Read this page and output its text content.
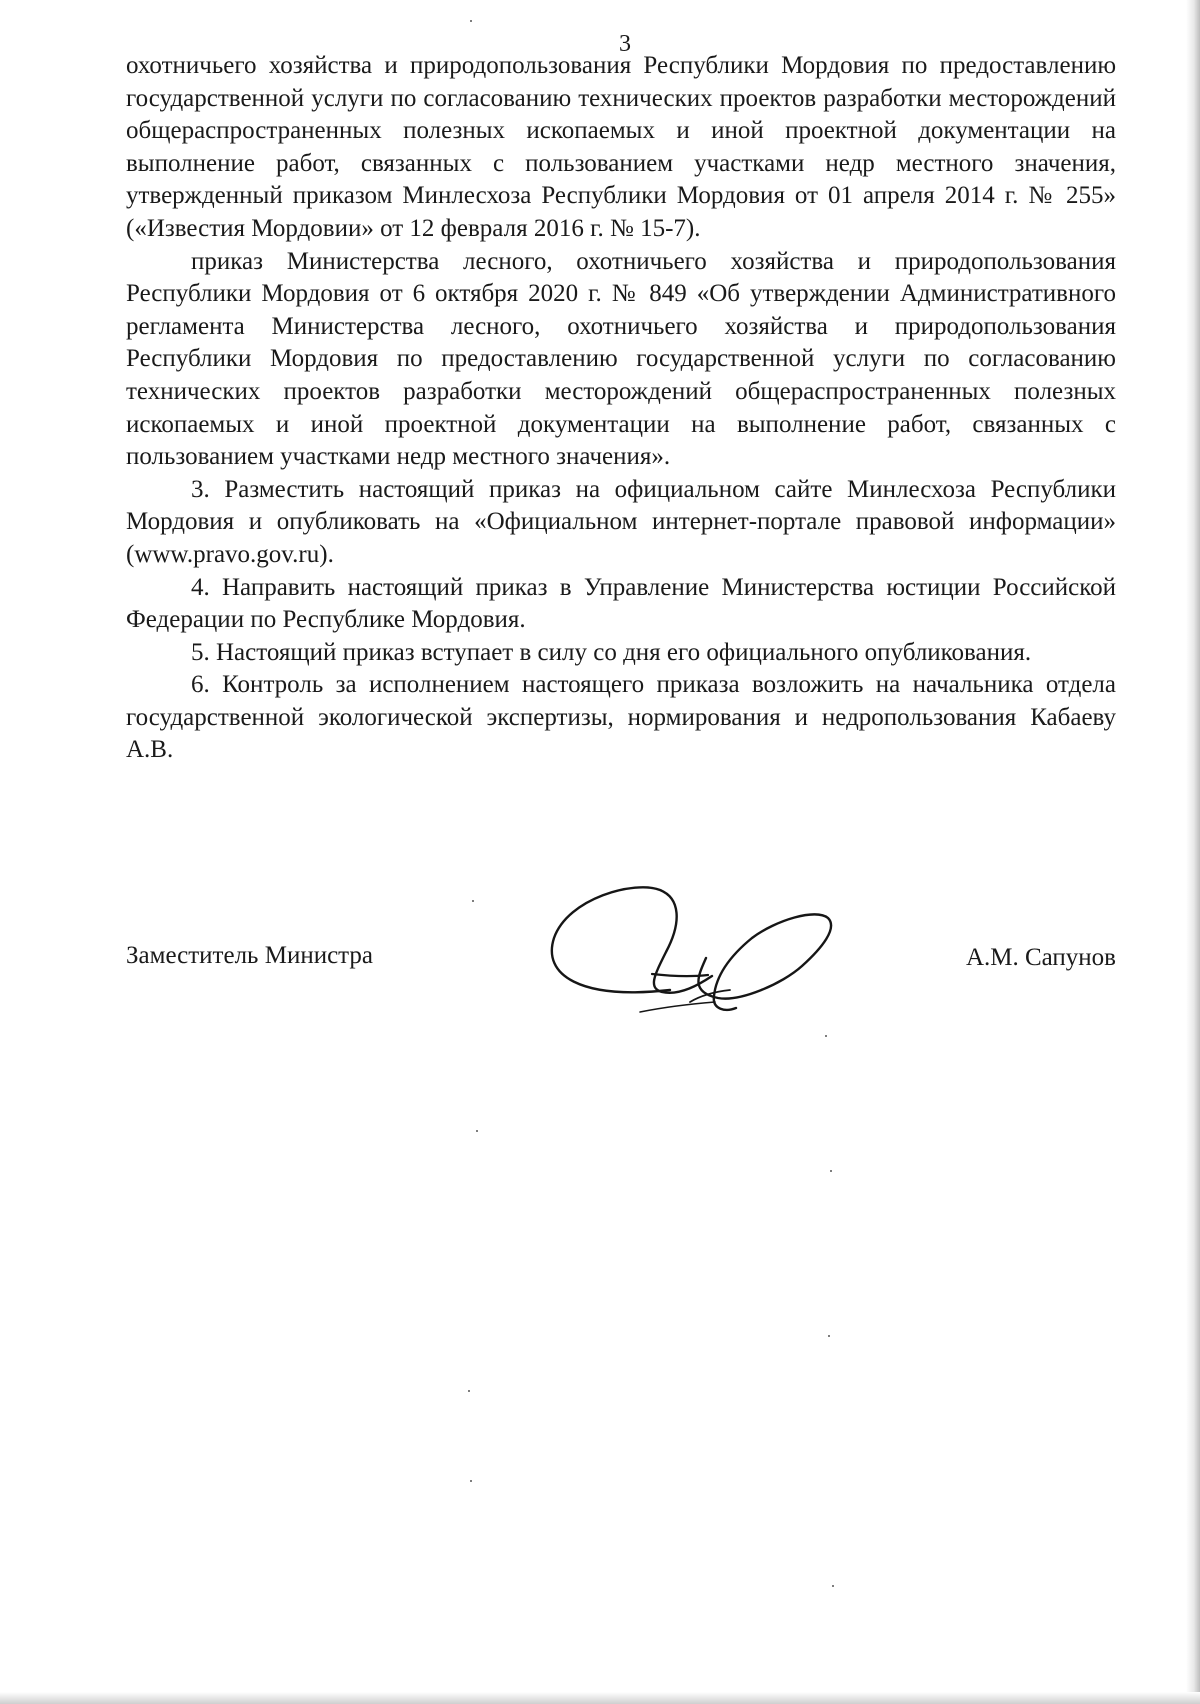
3

охотничьего хозяйства и природопользования Республики Мордовия по предоставлению государственной услуги по согласованию технических проектов разработки месторождений общераспространенных полезных ископаемых и иной проектной документации на выполнение работ, связанных с пользованием участками недр местного значения, утвержденный приказом Минлесхоза Республики Мордовия от 01 апреля 2014 г. № 255» («Известия Мордовии» от 12 февраля 2016 г. № 15-7).

приказ Министерства лесного, охотничьего хозяйства и природопользования Республики Мордовия от 6 октября 2020 г. № 849 «Об утверждении Административного регламента Министерства лесного, охотничьего хозяйства и природопользования Республики Мордовия по предоставлению государственной услуги по согласованию технических проектов разработки месторождений общераспространенных полезных ископаемых и иной проектной документации на выполнение работ, связанных с пользованием участками недр местного значения».

3. Разместить настоящий приказ на официальном сайте Минлесхоза Республики Мордовия и опубликовать на «Официальном интернет-портале правовой информации» (www.pravo.gov.ru).

4. Направить настоящий приказ в Управление Министерства юстиции Российской Федерации по Республике Мордовия.

5. Настоящий приказ вступает в силу со дня его официального опубликования.

6. Контроль за исполнением настоящего приказа возложить на начальника отдела государственной экологической экспертизы, нормирования и недропользования Кабаеву А.В.

Заместитель Министра	А.М. Сапунов
